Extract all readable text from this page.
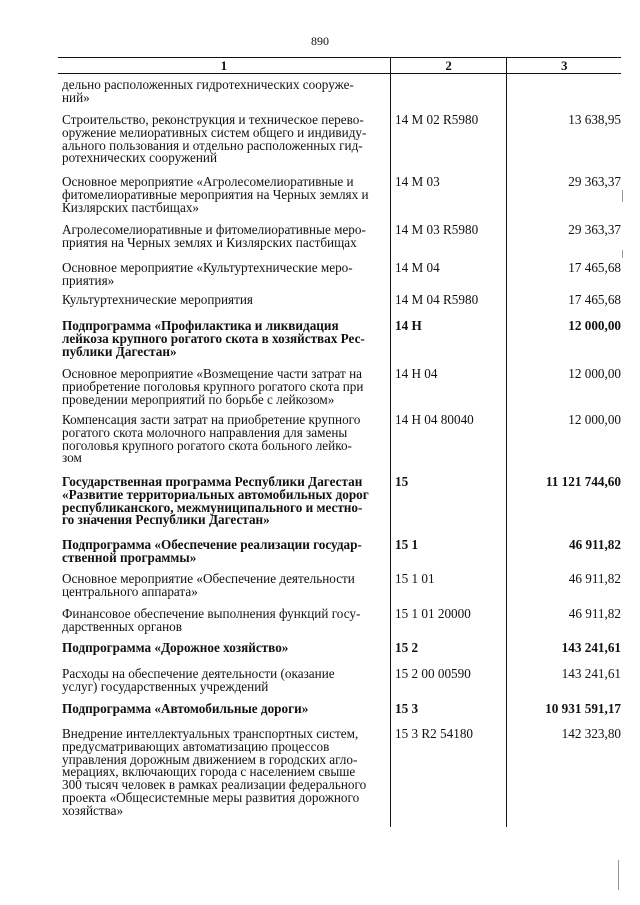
890
1	2	3
дельно расположенных гидротехнических сооруже-
ний»
Строительство, реконструкция и техническое перево-
оружение мелиоративных систем общего и индивиду-
ального пользования и отдельно расположенных гид-
ротехнических сооружений
14 М 02 R5980	13 638,95
Основное мероприятие «Агролесомелиоративные и
фитомелиоративные мероприятия на Черных землях и
Кизлярских пастбищах»
14 М 03	29 363,37
Агролесомелиоративные и фитомелиоративные меро-
приятия на Черных землях и Кизлярских пастбищах
14 М 03 R5980	29 363,37
Основное мероприятие «Культуртехнические меро-
приятия»
14 М 04	17 465,68
Культуртехнические мероприятия	14 М 04 R5980	17 465,68
Подпрограмма «Профилактика и ликвидация
лейкоза крупного рогатого скота в хозяйствах Рес-
публики Дагестан»
14 Н	12 000,00
Основное мероприятие «Возмещение части затрат на
приобретение поголовья крупного рогатого скота при
проведении мероприятий по борьбе с лейкозом»
14 Н 04	12 000,00
Компенсация засти затрат на приобретение крупного
рогатого скота молочного направления для замены
поголовья крупного рогатого скота больного лейко-
зом
14 Н 04 80040	12 000,00
Государственная программа Республики Дагестан
«Развитие территориальных автомобильных дорог
республиканского, межмуниципального и местно-
го значения Республики Дагестан»
15	11 121 744,60
Подпрограмма «Обеспечение реализации государ-
ственной программы»
15 1	46 911,82
Основное мероприятие «Обеспечение деятельности
центрального аппарата»
15 1 01	46 911,82
Финансовое обеспечение выполнения функций госу-
дарственных органов
15 1 01 20000	46 911,82
Подпрограмма «Дорожное хозяйство»	15 2	143 241,61
Расходы на обеспечение деятельности (оказание
услуг) государственных учреждений
15 2 00 00590	143 241,61
Подпрограмма «Автомобильные дороги»	15 3	10 931 591,17
Внедрение интеллектуальных транспортных систем,
предусматривающих автоматизацию процессов
управления дорожным движением в городских агло-
мерациях, включающих города с населением свыше
300 тысяч человек в рамках реализации федерального
проекта «Общесистемные меры развития дорожного
хозяйства»
15 3 R2 54180	142 323,80
